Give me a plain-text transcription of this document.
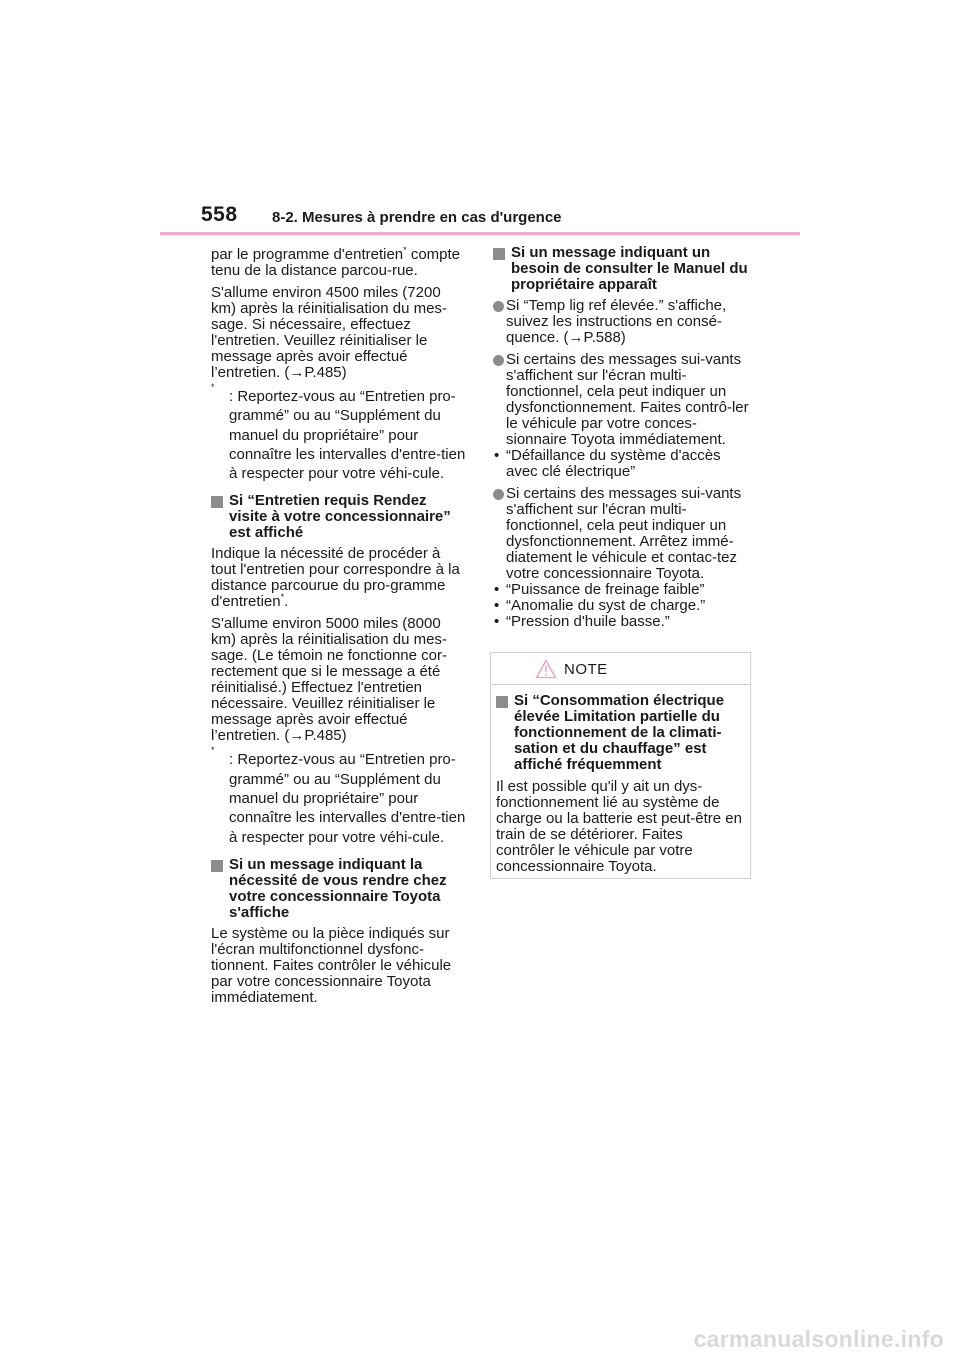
558 8-2. Mesures à prendre en cas d'urgence

par le programme d'entretien* compte tenu de la distance parcou-rue.

S'allume environ 4500 miles (7200 km) après la réinitialisation du mes-sage. Si nécessaire, effectuez l'entretien. Veuillez réinitialiser le message après avoir effectué l’entretien. (→P.485)

*
: Reportez-vous au “Entretien pro-grammé” ou au “Supplément du manuel du propriétaire” pour connaître les intervalles d'entre-tien à respecter pour votre véhi-cule.
Si “Entretien requis Rendez visite à votre concessionnaire” est affiché

Indique la nécessité de procéder à tout l'entretien pour correspondre à la distance parcourue du pro-gramme d'entretien*.

S'allume environ 5000 miles (8000 km) après la réinitialisation du mes-sage. (Le témoin ne fonctionne cor-rectement que si le message a été réinitialisé.) Effectuez l'entretien nécessaire. Veuillez réinitialiser le message après avoir effectué l’entretien. (→P.485)

*
: Reportez-vous au “Entretien pro-grammé” ou au “Supplément du manuel du propriétaire” pour connaître les intervalles d'entre-tien à respecter pour votre véhi-cule.
Si un message indiquant la nécessité de vous rendre chez votre concessionnaire Toyota s'affiche

Le système ou la pièce indiqués sur l'écran multifonctionnel dysfonc-tionnent. Faites contrôler le véhicule par votre concessionnaire Toyota immédiatement.

Si un message indiquant un besoin de consulter le Manuel du propriétaire apparaît
Si “Temp lig ref élevée.” s'affiche, suivez les instructions en consé-quence. (→P.588)
Si certains des messages sui-vants s'affichent sur l'écran multi-fonctionnel, cela peut indiquer un dysfonctionnement. Faites contrô-ler le véhicule par votre conces-sionnaire Toyota immédiatement.
• “Défaillance du système d'accès avec clé électrique”
Si certains des messages sui-vants s'affichent sur l'écran multi-fonctionnel, cela peut indiquer un dysfonctionnement. Arrêtez immé-diatement le véhicule et contac-tez votre concessionnaire Toyota.
• “Puissance de freinage faible”
• “Anomalie du syst de charge.”
• “Pression d'huile basse.”
NOTE
Si “Consommation électrique élevée Limitation partielle du fonctionnement de la climati-sation et du chauffage” est affiché fréquemment

Il est possible qu'il y ait un dys-fonctionnement lié au système de charge ou la batterie est peut-être en train de se détériorer. Faites contrôler le véhicule par votre concessionnaire Toyota.

carmanualsonline.info
